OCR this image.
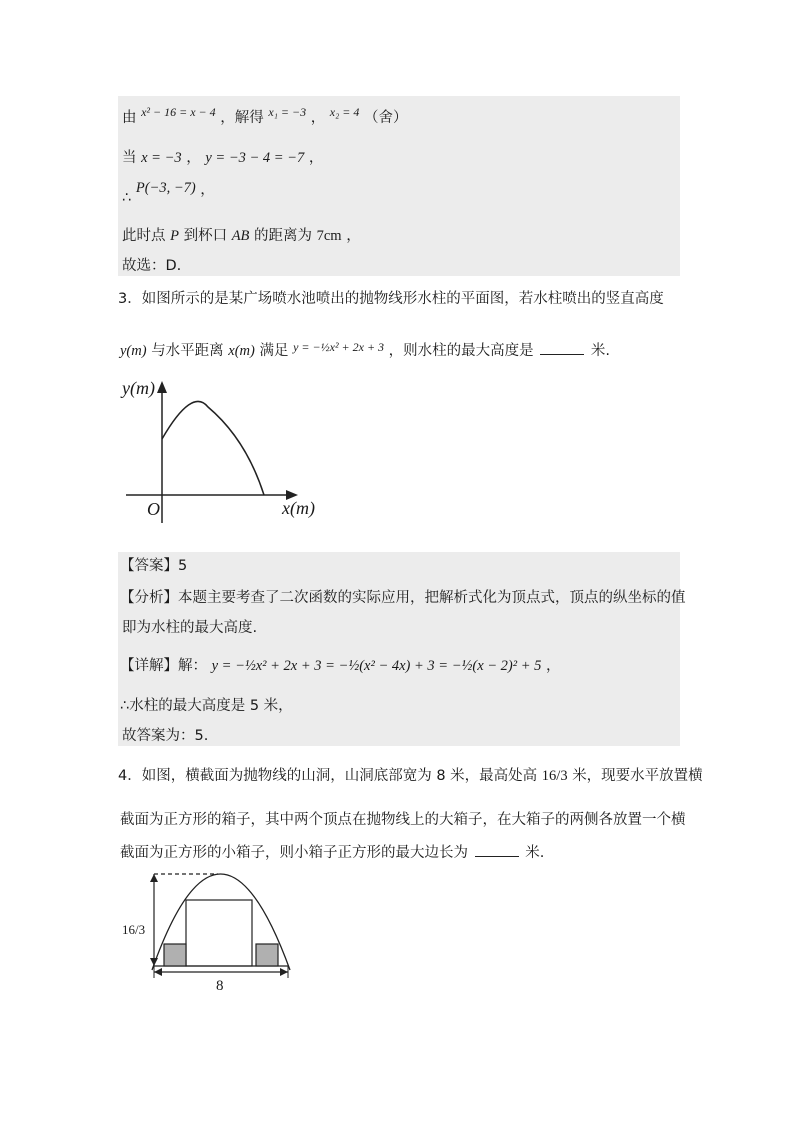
由 $^{x^2 - 16 = x - 4}$ ，解得 $^{x_1 = -3}$ ， $^{x_2 = 4}$ （舍）
当 x = −3 ， y = −3 − 4 = −7 ，
∴ P(−3, −7) ，
此时点 P 到杯口 AB 的距离为 7cm ，
故选：D.
3．如图所示的是某广场喷水池喷出的抛物线形水柱的平面图，若水柱喷出的竖直高度
y(m) 与水平距离 x(m) 满足 $^{y = -\frac{1}{2}x^2 + 2x + 3}$ ，则水柱的最大高度是	米.
y(m)
x(m)
O
【答案】5
【分析】本题主要考查了二次函数的实际应用，把解析式化为顶点式，顶点的纵坐标的值
即为水柱的最大高度.
【详解】解： y = −½x² + 2x + 3 = −½(x² − 4x) + 3 = −½(x − 2)² + 5 ，
∴水柱的最大高度是 5 米，
故答案为：5.
4．如图，横截面为抛物线的山洞，山洞底部宽为 8 米，最高处高 16/3 米，现要水平放置横
截面为正方形的箱子，其中两个顶点在抛物线上的大箱子，在大箱子的两侧各放置一个横
截面为正方形的小箱子，则小箱子正方形的最大边长为	米.
16/3
8
